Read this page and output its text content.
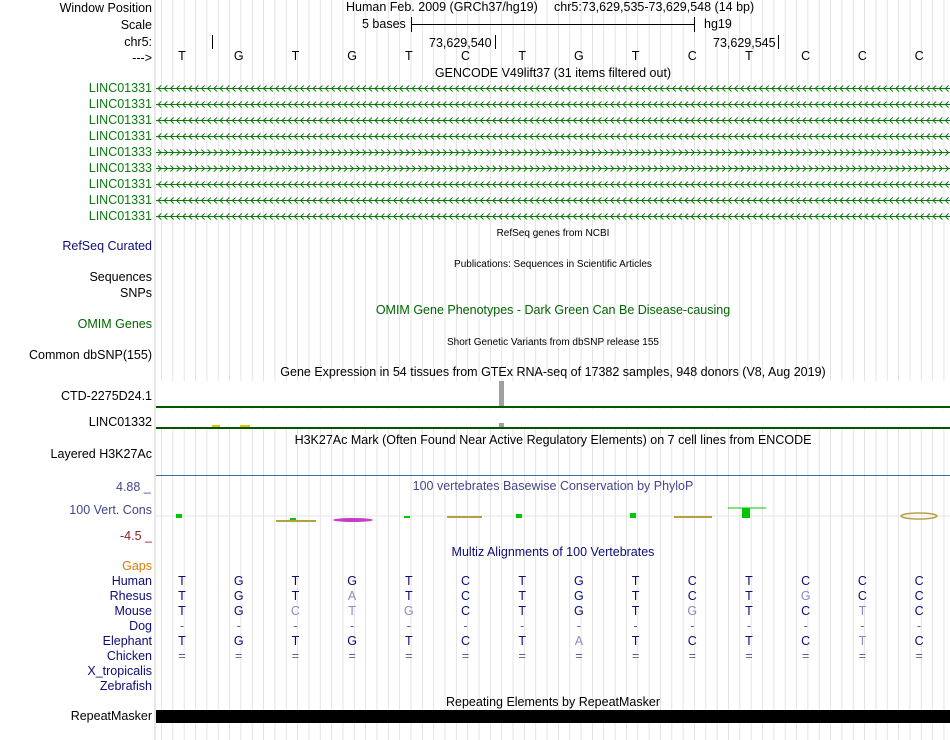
Window Position
Scale
chr5:
--->
Human Feb. 2009 (GRCh37/hg19) chr5:73,629,535-73,629,548 (14 bp)
5 bases	hg19
73,629,540	73,629,545
T	G	T	G	T	C	T	G	T	C	T	C	C	C
GENCODE V49lift37 (31 items filtered out)
LINC01331
LINC01331
LINC01331
LINC01331
LINC01333
LINC01333
LINC01331
LINC01331
LINC01331
RefSeq genes from NCBI
RefSeq Curated
Publications: Sequences in Scientific Articles
Sequences
SNPs
OMIM Gene Phenotypes - Dark Green Can Be Disease-causing
OMIM Genes
Short Genetic Variants from dbSNP release 155
Common dbSNP(155)
Gene Expression in 54 tissues from GTEx RNA-seq of 17382 samples, 948 donors (V8, Aug 2019)
CTD-2275D24.1
LINC01332
H3K27Ac Mark (Often Found Near Active Regulatory Elements) on 7 cell lines from ENCODE
Layered H3K27Ac
100 vertebrates Basewise Conservation by PhyloP
4.88 _
100 Vert. Cons
-4.5 _
Multiz Alignments of 100 Vertebrates
Gaps
Human	T	G	T	G	T	C	T	G	T	C	T	C	C	C
Rhesus	T	G	T	A	T	C	T	G	T	C	T	G	C	C
Mouse	T	G	C	T	G	C	T	G	T	G	T	C	T	C
Dog	-	-	-	-	-	-	-	-	-	-	-	-	-	-
Elephant	T	G	T	G	T	C	T	A	T	C	T	C	T	C
Chicken	=	=	=	=	=	=	=	=	=	=	=	=	=	=
X_tropicalis
Zebrafish
Repeating Elements by RepeatMasker
RepeatMasker
